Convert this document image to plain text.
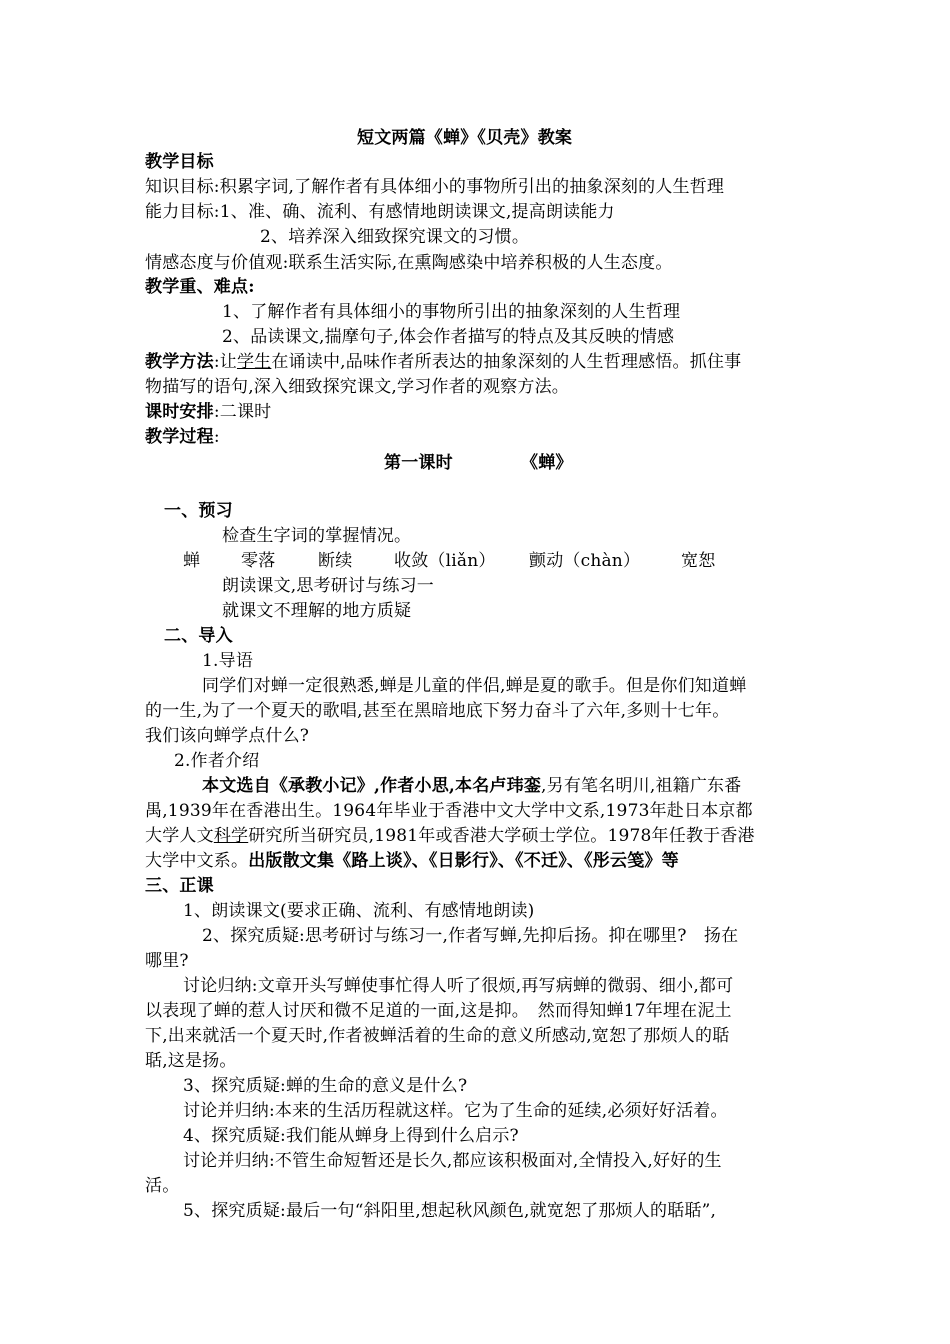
短文两篇《蝉》《贝壳》教案
教学目标
知识目标:积累字词,了解作者有具体细小的事物所引出的抽象深刻的人生哲理
能力目标:1、准、确、流利、有感情地朗读课文,提高朗读能力
2、培养深入细致探究课文的习惯。
情感态度与价值观:联系生活实际,在熏陶感染中培养积极的人生态度。
教学重、难点:
1、了解作者有具体细小的事物所引出的抽象深刻的人生哲理
2、品读课文,揣摩句子,体会作者描写的特点及其反映的情感
教学方法:让学生在诵读中,品味作者所表达的抽象深刻的人生哲理感悟。抓住事
物描写的语句,深入细致探究课文,学习作者的观察方法。
课时安排:二课时
教学过程:
第一课时	《蝉》
一、预习
检查生字词的掌握情况。
蝉 零落	断续 收敛（liǎn） 颤动（chàn） 宽恕
朗读课文,思考研讨与练习一
就课文不理解的地方质疑
二、导入
1.导语
同学们对蝉一定很熟悉,蝉是儿童的伴侣,蝉是夏的歌手。但是你们知道蝉
的一生,为了一个夏天的歌唱,甚至在黑暗地底下努力奋斗了六年,多则十七年。
我们该向蝉学点什么?
2.作者介绍
本文选自《承教小记》,作者小思,本名卢玮銮,另有笔名明川,祖籍广东番
禺,1939年在香港出生。1964年毕业于香港中文大学中文系,1973年赴日本京都
大学人文科学研究所当研究员,1981年或香港大学硕士学位。1978年任教于香港
大学中文系。出版散文集《路上谈》、《日影行》、《不迁》、《彤云笺》等
三、正课
1、朗读课文(要求正确、流利、有感情地朗读)
2、探究质疑:思考研讨与练习一,作者写蝉,先抑后扬。抑在哪里?　扬在
哪里?
讨论归纳:文章开头写蝉使事忙得人听了很烦,再写病蝉的微弱、细小,都可
以表现了蝉的惹人讨厌和微不足道的一面,这是抑。　然而得知蝉17年埋在泥土
下,出来就活一个夏天时,作者被蝉活着的生命的意义所感动,宽恕了那烦人的聒
聒,这是扬。
3、探究质疑:蝉的生命的意义是什么?
讨论并归纳:本来的生活历程就这样。它为了生命的延续,必须好好活着。
4、探究质疑:我们能从蝉身上得到什么启示?
讨论并归纳:不管生命短暂还是长久,都应该积极面对,全情投入,好好的生
活。
5、探究质疑:最后一句“斜阳里,想起秋风颜色,就宽恕了那烦人的聒聒”,
